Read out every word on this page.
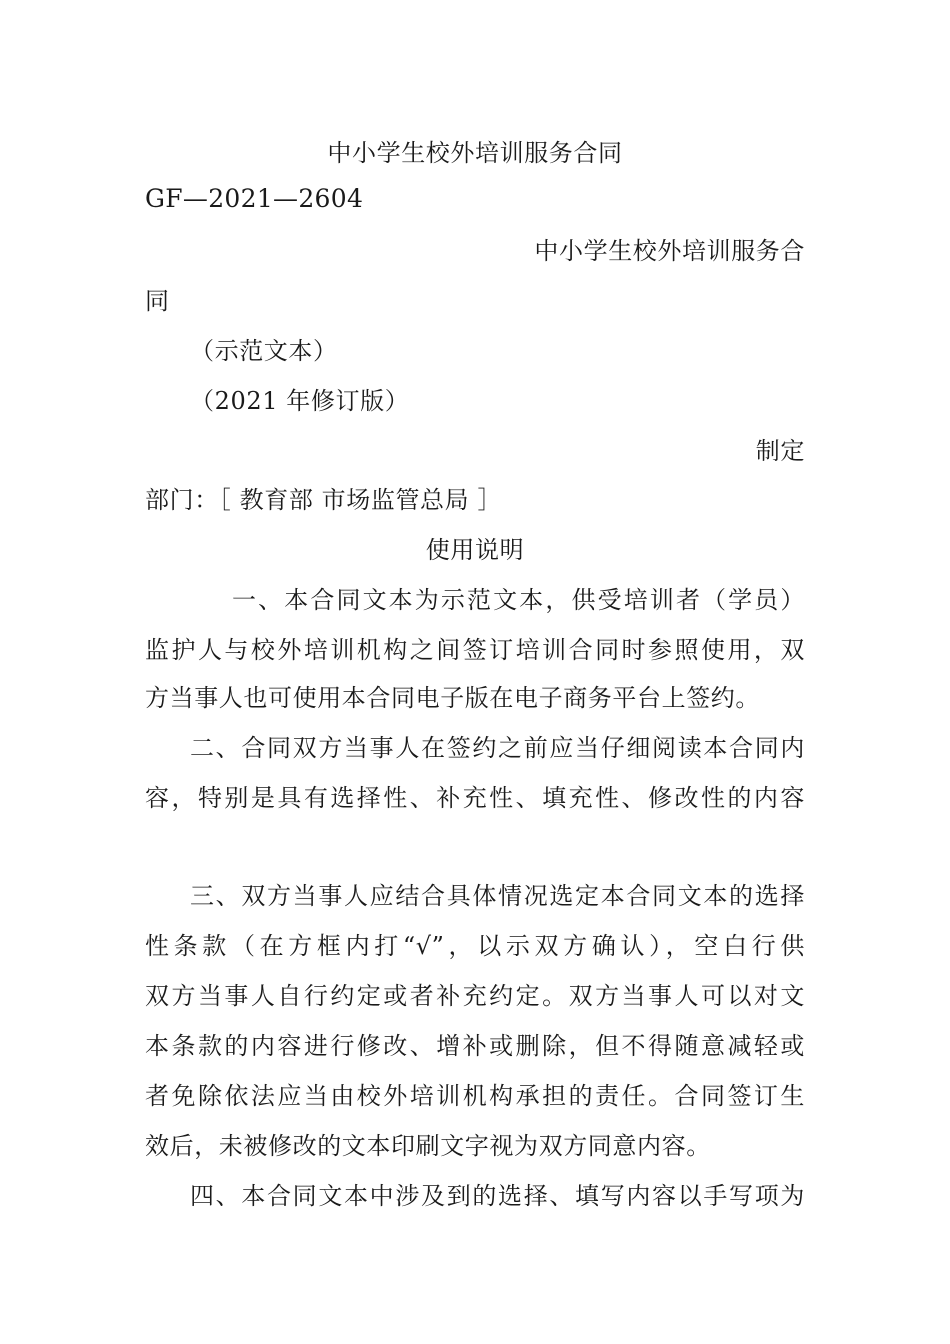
中小学生校外培训服务合同
GF—2021—2604
中小学生校外培训服务合
同
（示范文本）
（2021 年修订版）
制定
部门：［ 教育部 市场监管总局 ］
使用说明
一、本合同文本为示范文本，供受培训者（学员）
监护人与校外培训机构之间签订培训合同时参照使用，双
方当事人也可使用本合同电子版在电子商务平台上签约。
二、合同双方当事人在签约之前应当仔细阅读本合同内
容，特别是具有选择性、补充性、填充性、修改性的内容
三、双方当事人应结合具体情况选定本合同文本的选择
性条款（在方框内打“√”，以示双方确认），空白行供
双方当事人自行约定或者补充约定。双方当事人可以对文
本条款的内容进行修改、增补或删除，但不得随意减轻或
者免除依法应当由校外培训机构承担的责任。合同签订生
效后，未被修改的文本印刷文字视为双方同意内容。
四、本合同文本中涉及到的选择、填写内容以手写项为
